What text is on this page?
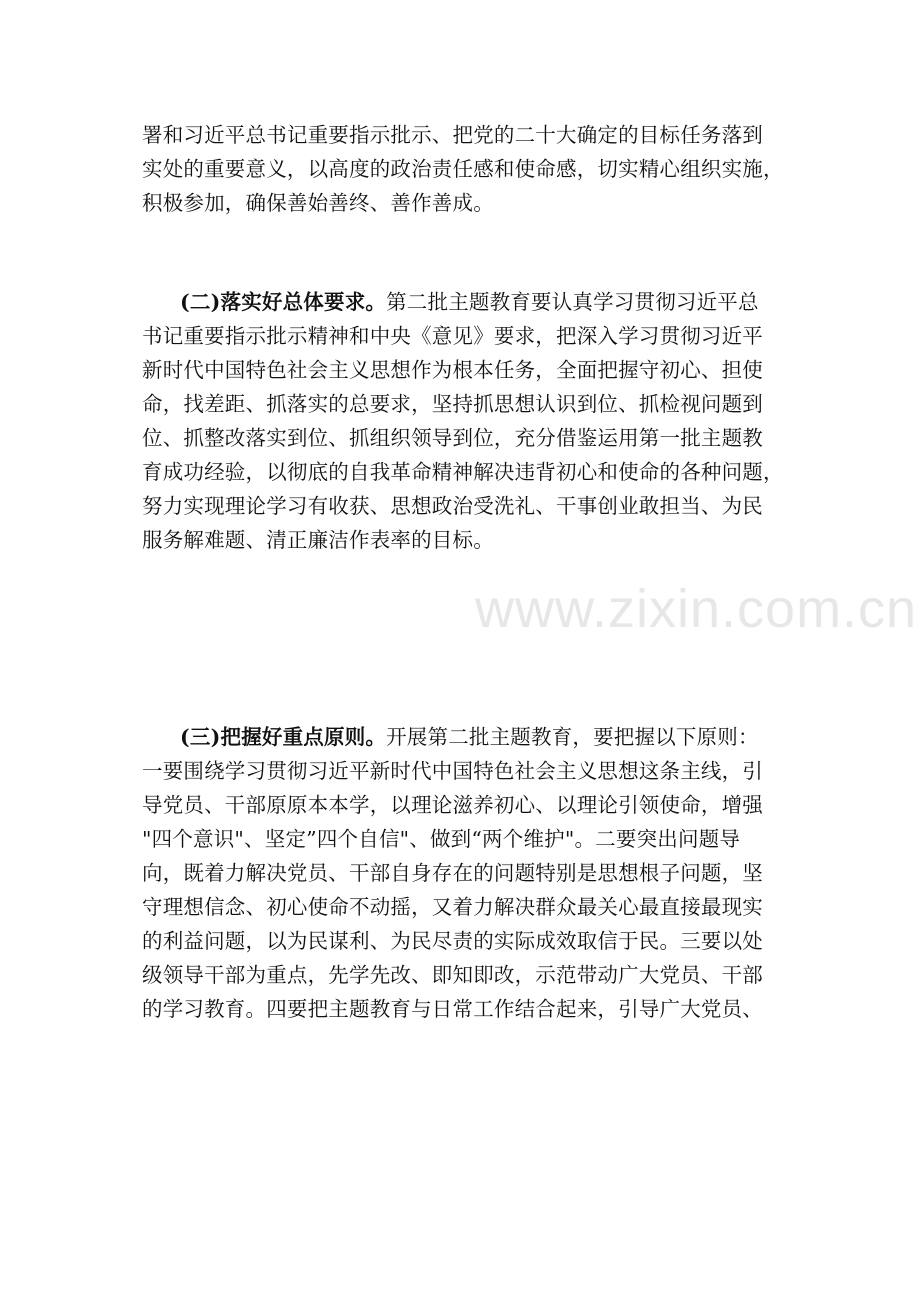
署和习近平总书记重要指示批示、把党的二十大确定的目标任务落到
实处的重要意义，以高度的政治责任感和使命感，切实精心组织实施，
积极参加，确保善始善终、善作善成。
(二)落实好总体要求。第二批主题教育要认真学习贯彻习近平总
书记重要指示批示精神和中央《意见》要求，把深入学习贯彻习近平
新时代中国特色社会主义思想作为根本任务，全面把握守初心、担使
命，找差距、抓落实的总要求，坚持抓思想认识到位、抓检视问题到
位、抓整改落实到位、抓组织领导到位，充分借鉴运用第一批主题教
育成功经验，以彻底的自我革命精神解决违背初心和使命的各种问题，
努力实现理论学习有收获、思想政治受洗礼、干事创业敢担当、为民
服务解难题、清正廉洁作表率的目标。
(三)把握好重点原则。开展第二批主题教育，要把握以下原则：
一要围绕学习贯彻习近平新时代中国特色社会主义思想这条主线，引
导党员、干部原原本本学，以理论滋养初心、以理论引领使命，增强
"四个意识"、坚定”四个自信"、做到“两个维护"。二要突出问题导
向，既着力解决党员、干部自身存在的问题特别是思想根子问题，坚
守理想信念、初心使命不动摇，又着力解决群众最关心最直接最现实
的利益问题，以为民谋利、为民尽责的实际成效取信于民。三要以处
级领导干部为重点，先学先改、即知即改，示范带动广大党员、干部
的学习教育。四要把主题教育与日常工作结合起来，引导广大党员、
www.zixin.com.cn
